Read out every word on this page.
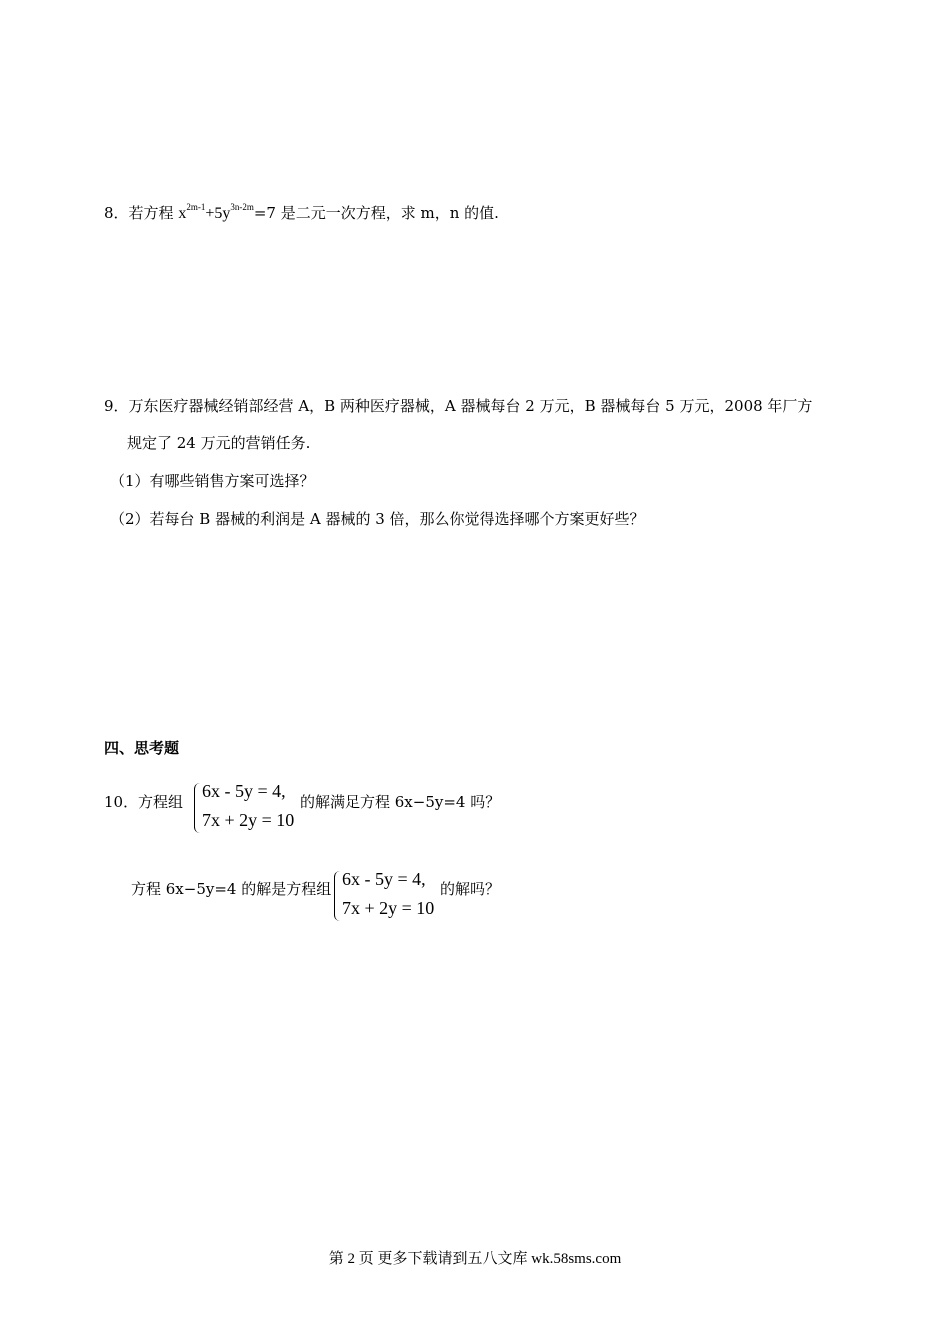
8．若方程 $x^{2m-1}+5y^{3n-2m}=7$ 是二元一次方程，求 m，n 的值.
9．万东医疗器械经销部经营 A，B 两种医疗器械，A 器械每台 2 万元，B 器械每台 5 万元，2008 年厂方
规定了 24 万元的营销任务.
（1）有哪些销售方案可选择？
（2）若每台 B 器械的利润是 A 器械的 3 倍，那么你觉得选择哪个方案更好些？
四、思考题
10． 方程组
6x - 5y = 4,
7x + 2y = 10
的解满足方程 6x−5y=4 吗？
方程 6x−5y=4 的解是方程组 6x - 5y = 4,
7x + 2y = 10
的解吗？
第 2 页 更多下载请到五八文库 wk.58sms.com
